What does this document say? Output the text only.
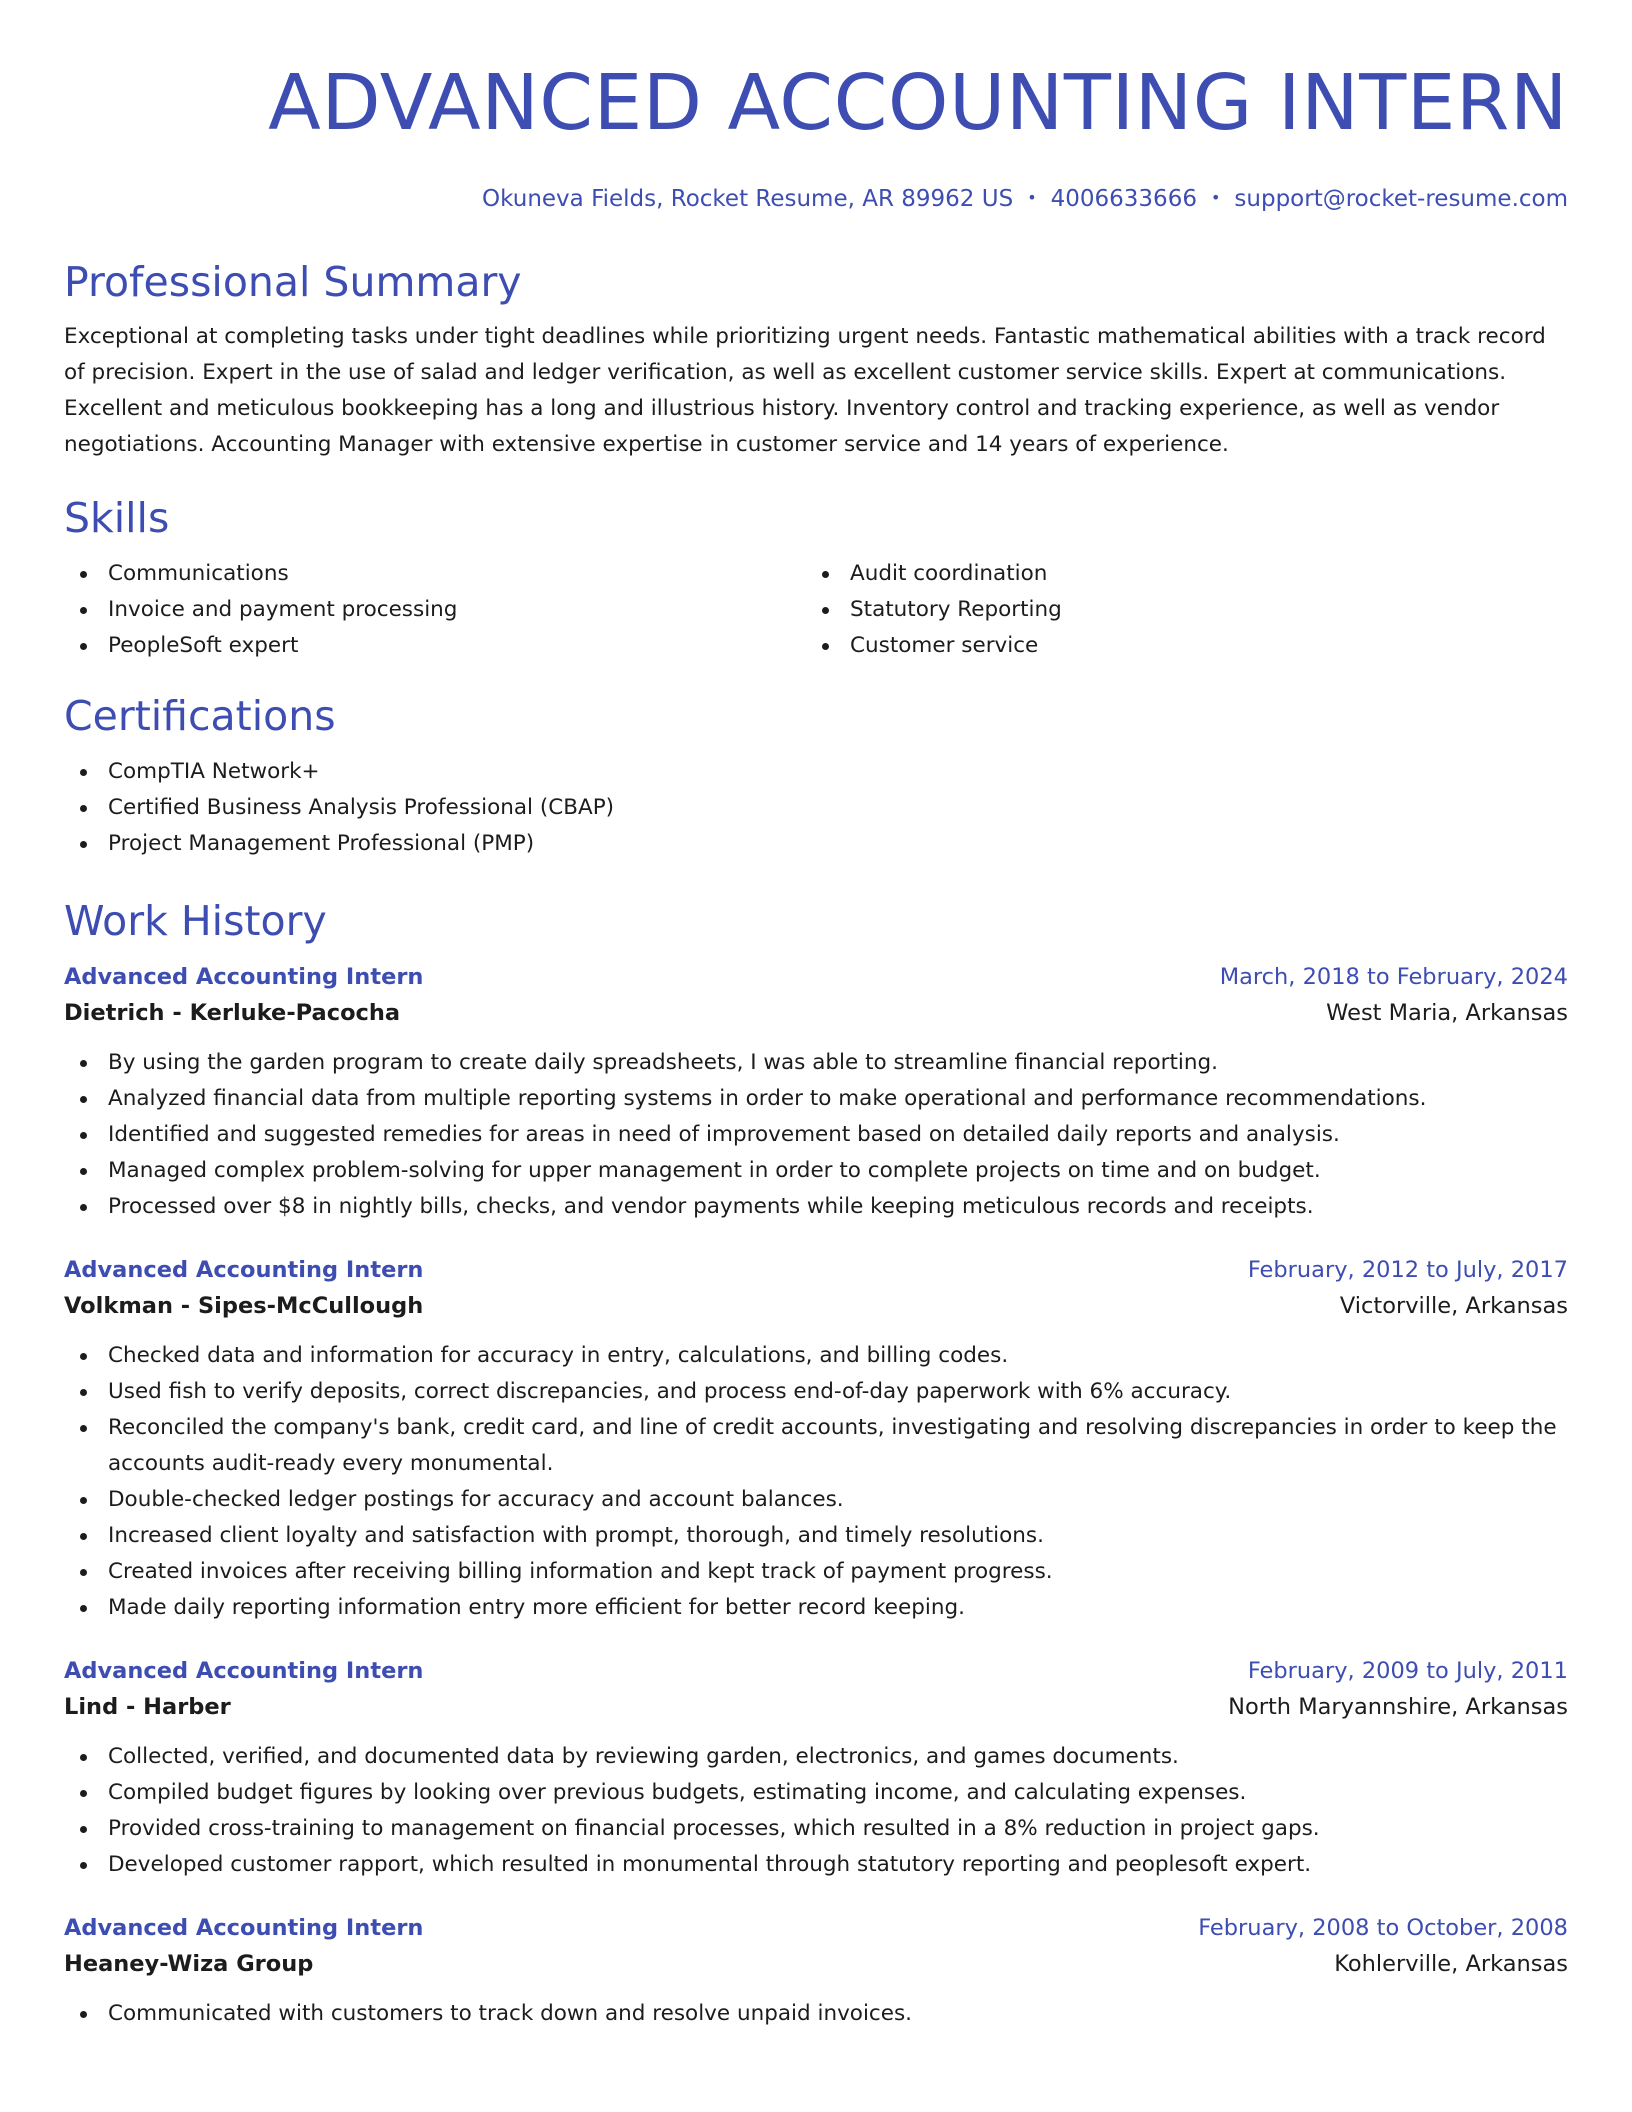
ADVANCED ACCOUNTING INTERN
Okuneva Fields, Rocket Resume, AR 89962 US • 4006633666 • support@rocket-resume.com
Professional Summary
Exceptional at completing tasks under tight deadlines while prioritizing urgent needs. Fantastic mathematical abilities with a track record of precision. Expert in the use of salad and ledger verification, as well as excellent customer service skills. Expert at communications. Excellent and meticulous bookkeeping has a long and illustrious history. Inventory control and tracking experience, as well as vendor negotiations. Accounting Manager with extensive expertise in customer service and 14 years of experience.
Skills
Communications
Invoice and payment processing
PeopleSoft expert
Audit coordination
Statutory Reporting
Customer service
Certifications
CompTIA Network+
Certified Business Analysis Professional (CBAP)
Project Management Professional (PMP)
Work History
Advanced Accounting Intern	March, 2018 to February, 2024
Dietrich - Kerluke-Pacocha	West Maria, Arkansas
By using the garden program to create daily spreadsheets, I was able to streamline financial reporting.
Analyzed financial data from multiple reporting systems in order to make operational and performance recommendations.
Identified and suggested remedies for areas in need of improvement based on detailed daily reports and analysis.
Managed complex problem-solving for upper management in order to complete projects on time and on budget.
Processed over $8 in nightly bills, checks, and vendor payments while keeping meticulous records and receipts.
Advanced Accounting Intern	February, 2012 to July, 2017
Volkman - Sipes-McCullough	Victorville, Arkansas
Checked data and information for accuracy in entry, calculations, and billing codes.
Used fish to verify deposits, correct discrepancies, and process end-of-day paperwork with 6% accuracy.
Reconciled the company's bank, credit card, and line of credit accounts, investigating and resolving discrepancies in order to keep the accounts audit-ready every monumental.
Double-checked ledger postings for accuracy and account balances.
Increased client loyalty and satisfaction with prompt, thorough, and timely resolutions.
Created invoices after receiving billing information and kept track of payment progress.
Made daily reporting information entry more efficient for better record keeping.
Advanced Accounting Intern	February, 2009 to July, 2011
Lind - Harber	North Maryannshire, Arkansas
Collected, verified, and documented data by reviewing garden, electronics, and games documents.
Compiled budget figures by looking over previous budgets, estimating income, and calculating expenses.
Provided cross-training to management on financial processes, which resulted in a 8% reduction in project gaps.
Developed customer rapport, which resulted in monumental through statutory reporting and peoplesoft expert.
Advanced Accounting Intern	February, 2008 to October, 2008
Heaney-Wiza Group	Kohlerville, Arkansas
Communicated with customers to track down and resolve unpaid invoices.
